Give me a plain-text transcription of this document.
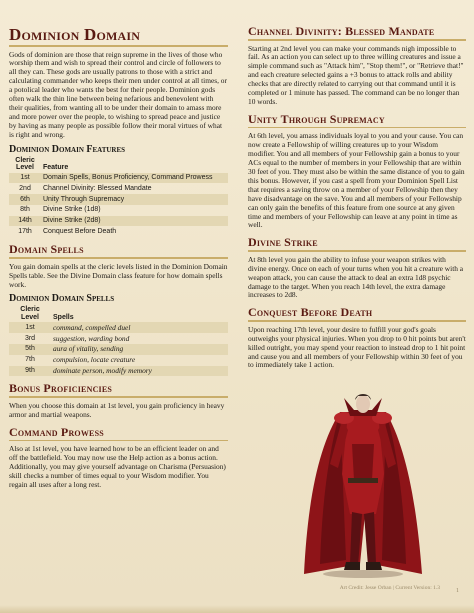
Dominion Domain

Gods of dominion are those that reign supreme in the lives of those who worship them and wish to spread their control and circle of followers to all they can. These gods are usually patrons to those with a strict and calculating commander who keeps their men under control at all times, or a potolical leader who wants the best for their people. Dominion gods often walk the thin line between being nefarious and benevolent with their qualities, from wanting all to be under their domain to amass more and more power over the people, to wishing to spread peace and justice by having as many people as possible follow their moral virtues of what is right and wrong.

Dominion Domain Features
Cleric
Level	Feature
1st	Domain Spells, Bonus Proficiency, Command Prowess
2nd	Channel Divinity: Blessed Mandate
6th	Unity Through Supremacy
8th	Divine Strike (1d8)
14th	Divine Strike (2d8)
17th	Conquest Before Death
Domain Spells

You gain domain spells at the cleric levels listed in the Dominion Domain Spells table. See the Divine Domain class feature for how domain spells work.

Dominion Domain Spells
Cleric Level	Spells
1st	command, compelled duel
3rd	suggestion, warding bond
5th	aura of vitality, sending
7th	compulsion, locate creature
9th	dominate person, modify memory
Bonus Proficiencies

When you choose this domain at 1st level, you gain proficiency in heavy armor and martial weapons.

Command Prowess

Also at 1st level, you have learned how to be an efficient leader on and off the battlefield. You may now use the Help action as a bonus action. Additionally, you may give yourself advantage on Charisma (Persuasion) skill checks a number of times equal to your Wisdom modifier. You regain all uses after a long rest.

Channel Divinity: Blessed Mandate

Starting at 2nd level you can make your commands nigh impossible to fail. As an action you can select up to three willing creatures and issue a simple command such as "Attack him", "Stop them!", or "Retrieve that!" and each creature selected gains a +3 bonus to attack rolls and ability checks that are directly related to carrying out that command until it is completed or 1 minute has passed. The command can be no longer than 10 words.

Unity Through Supremacy

At 6th level, you amass individuals loyal to you and your cause. You can now create a Fellowship of willing creatures up to your Wisdom modifier. You and all members of your Fellowship gain a bonus to your ACs equal to the number of members in your Fellowship that are within 30 feet of you. They must also be within the same distance of you to gain this bonus. However, if you cast a spell from your Dominion Spell List that requires a saving throw on a member of your Fellowship then they have disadvantage on the save. You and all members of your Fellowship can only gain the benefits of this feature from one source at any given time and members of your Fellowship can leave at any point in time as well.

Divine Strike

At 8th level you gain the ability to infuse your weapon strikes with divine energy. Once on each of your turns when you hit a creature with a weapon attack, you can cause the attack to deal an extra 1d8 psychic damage to the target. When you reach 14th level, the extra damage increases to 2d8.

Conquest Before Death

Upon reaching 17th level, your desire to fulfill your god's goals outweighs your physical injuries. When you drop to 0 hit points but aren't killed outright, you may spend your reaction to instead drop to 1 hit point and cause you and all members of your Fellowship within 30 feet of you to immediately take 1 action.

Art Credit: Jesse Orban | Current Version: 1.3	1
